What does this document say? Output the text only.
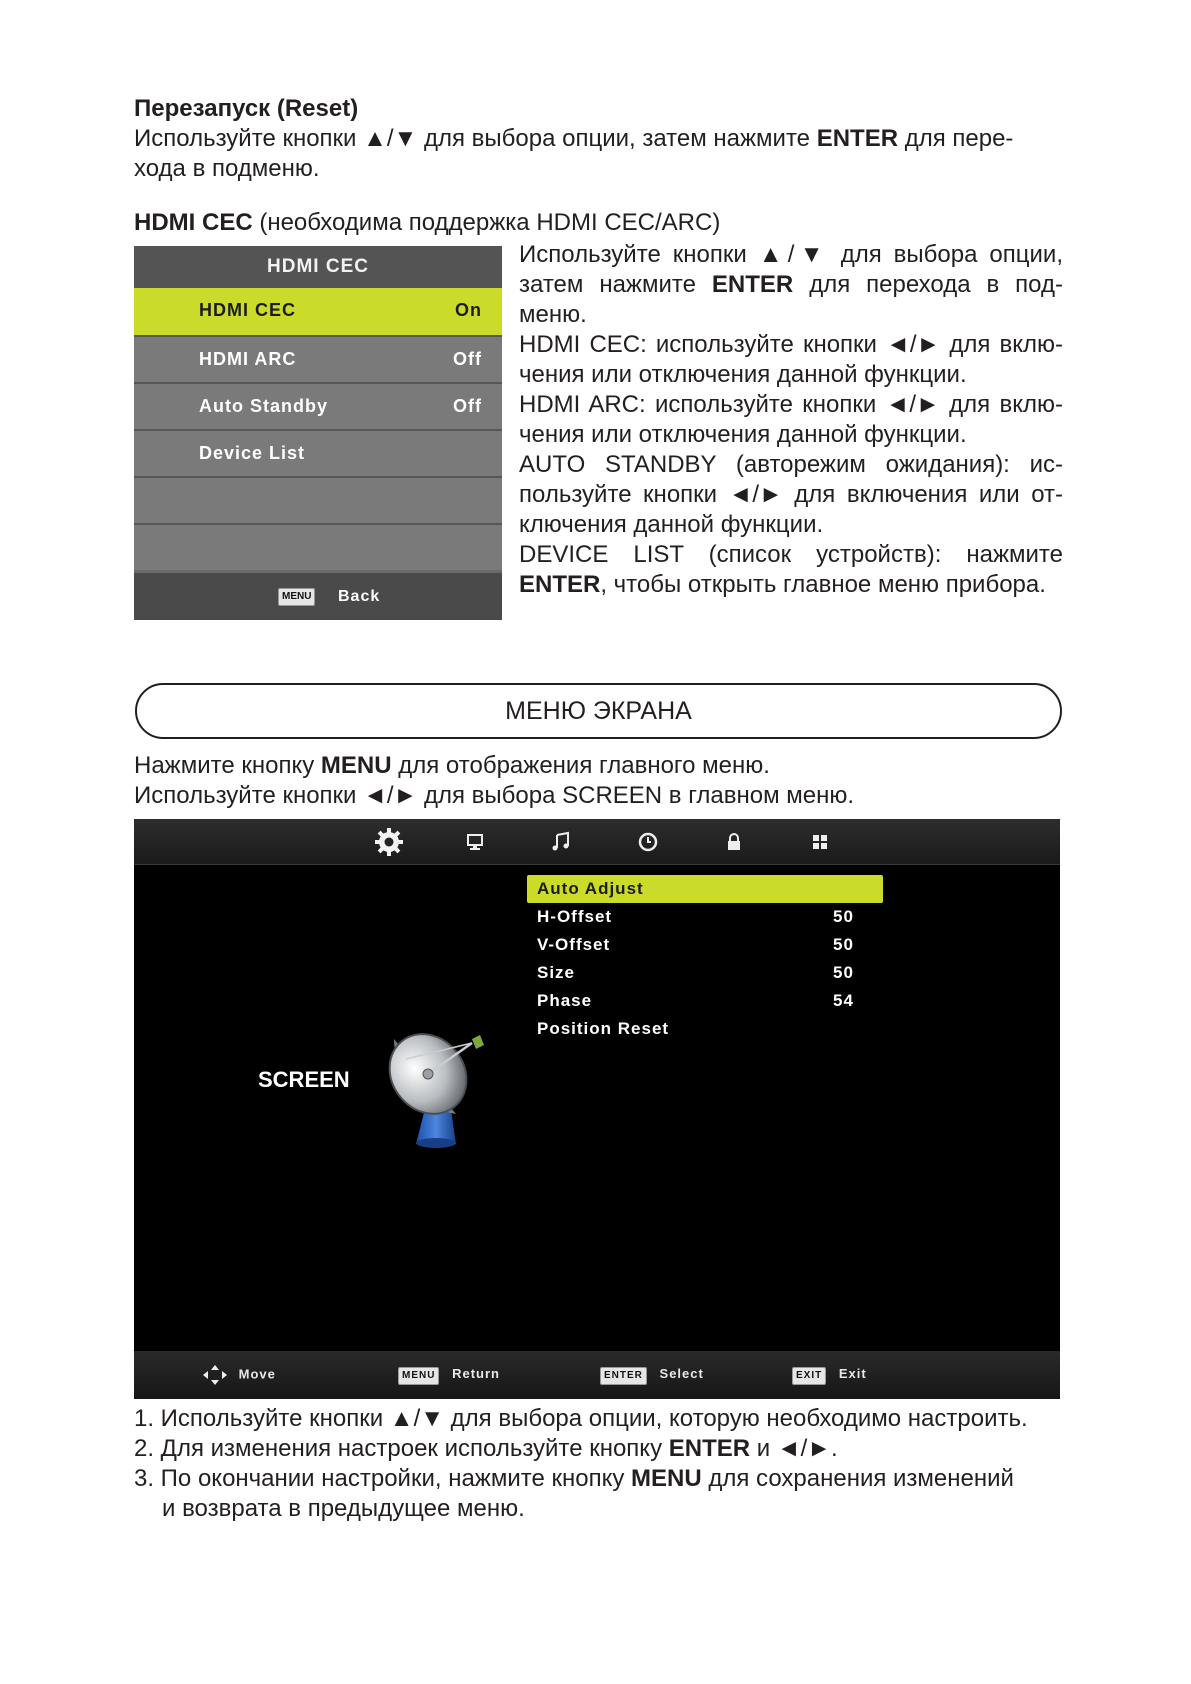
Перезапуск (Reset)

Используйте кнопки ▲/▼ для выбора опции, затем нажмите ENTER для пере-

хода в подменю.

HDMI CEC (необходима поддержка HDMI CEC/ARC)

HDMI CEC
HDMI CEC	On
HDMI ARC	Off
Auto Standby	Off
Device List
MENU Back
Используйте кнопки ▲/▼ для выбора опции,
затем нажмите ENTER для перехода в под-
меню.
HDMI CEC: используйте кнопки ◄/► для вклю-чения или отключения данной функции.
HDMI ARC: используйте кнопки ◄/► для вклю-чения или отключения данной функции.
AUTO STANDBY (авторежим ожидания): ис-пользуйте кнопки ◄/► для включения или от-ключения данной функции.
DEVICE LIST (список устройств): нажмите ENTER, чтобы открыть главное меню прибора.
МЕНЮ ЭКРАНА

Нажмите кнопку MENU для отображения главного меню.

Используйте кнопки ◄/► для выбора SCREEN в главном меню.

SCREEN
Auto Adjust
H-Offset	50
V-Offset	50
Size	50
Phase	54
Position Reset
Move	MENU Return	ENTER Select	EXIT Exit

1. Используйте кнопки ▲/▼ для выбора опции, которую необходимо настроить.

2. Для изменения настроек используйте кнопку ENTER и ◄/►.

3. По окончании настройки, нажмите кнопку MENU для сохранения изменений

и возврата в предыдущее меню.
